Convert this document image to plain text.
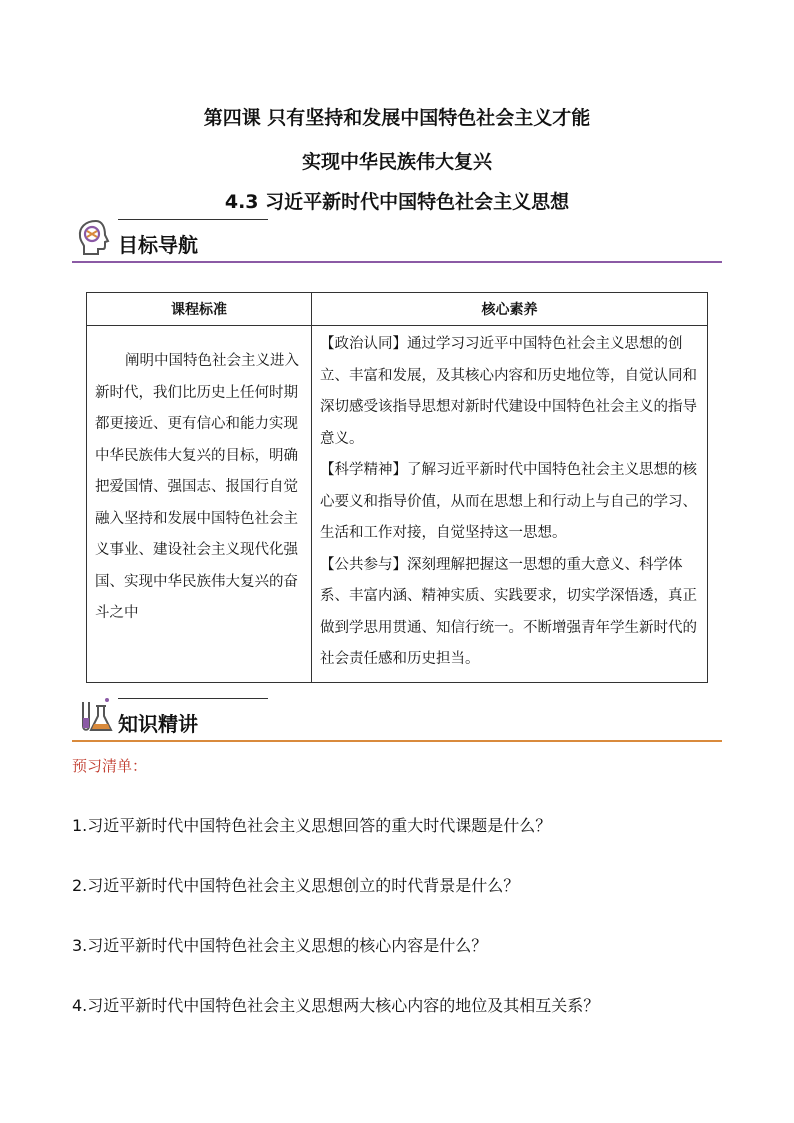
第四课 只有坚持和发展中国特色社会主义才能
实现中华民族伟大复兴
4.3 习近平新时代中国特色社会主义思想
目标导航
课程标准	核心素养
阐明中国特色社会主义进入新时代，我们比历史上任何时期都更接近、更有信心和能力实现中华民族伟大复兴的目标，明确把爱国情、强国志、报国行自觉融入坚持和发展中国特色社会主义事业、建设社会主义现代化强国、实现中华民族伟大复兴的奋斗之中	【政治认同】通过学习习近平中国特色社会主义思想的创立、丰富和发展，及其核心内容和历史地位等，自觉认同和深切感受该指导思想对新时代建设中国特色社会主义的指导意义。
【科学精神】了解习近平新时代中国特色社会主义思想的核心要义和指导价值，从而在思想上和行动上与自己的学习、生活和工作对接，自觉坚持这一思想。
【公共参与】深刻理解把握这一思想的重大意义、科学体系、丰富内涵、精神实质、实践要求，切实学深悟透，真正做到学思用贯通、知信行统一。不断增强青年学生新时代的社会责任感和历史担当。
知识精讲
预习清单：
1.习近平新时代中国特色社会主义思想回答的重大时代课题是什么？
2.习近平新时代中国特色社会主义思想创立的时代背景是什么？
3.习近平新时代中国特色社会主义思想的核心内容是什么？
4.习近平新时代中国特色社会主义思想两大核心内容的地位及其相互关系？
